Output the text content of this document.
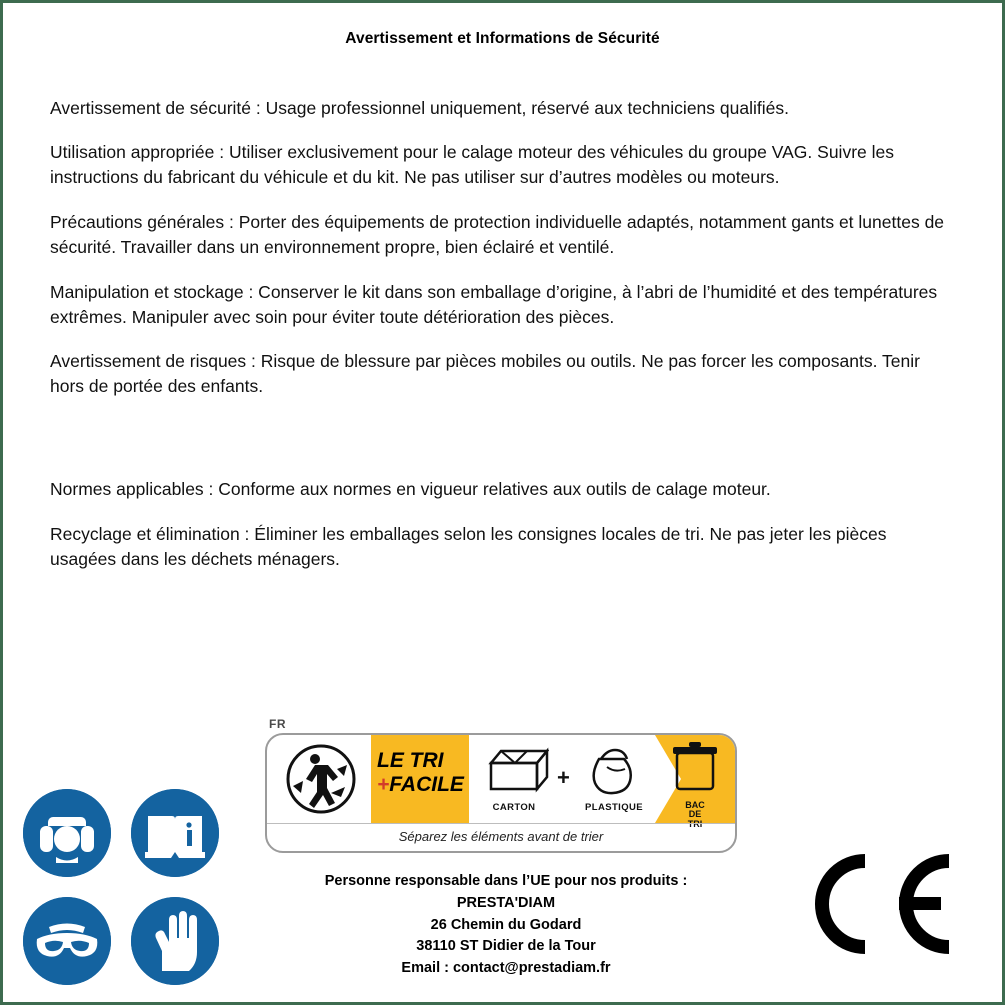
Avertissement et Informations de Sécurité

Avertissement de sécurité : Usage professionnel uniquement, réservé aux techniciens qualifiés.

Utilisation appropriée : Utiliser exclusivement pour le calage moteur des véhicules du groupe VAG. Suivre les instructions du fabricant du véhicule et du kit. Ne pas utiliser sur d’autres modèles ou moteurs.

Précautions générales : Porter des équipements de protection individuelle adaptés, notamment gants et lunettes de sécurité. Travailler dans un environnement propre, bien éclairé et ventilé.

Manipulation et stockage : Conserver le kit dans son emballage d’origine, à l’abri de l’humidité et des températures extrêmes. Manipuler avec soin pour éviter toute détérioration des pièces.

Avertissement de risques : Risque de blessure par pièces mobiles ou outils. Ne pas forcer les composants. Tenir hors de portée des enfants.

Normes applicables : Conforme aux normes en vigueur relatives aux outils de calage moteur.

Recyclage et élimination : Éliminer les emballages selon les consignes locales de tri. Ne pas jeter les pièces usagées dans les déchets ménagers.

FR
LE TRI
+FACILE
CARTON
+
PLASTIQUE	BAC
DE
TRI
Séparez les éléments avant de trier
Personne responsable dans l’UE pour nos produits :
PRESTA'DIAM
26 Chemin du Godard
38110 ST Didier de la Tour
Email : contact@prestadiam.fr
